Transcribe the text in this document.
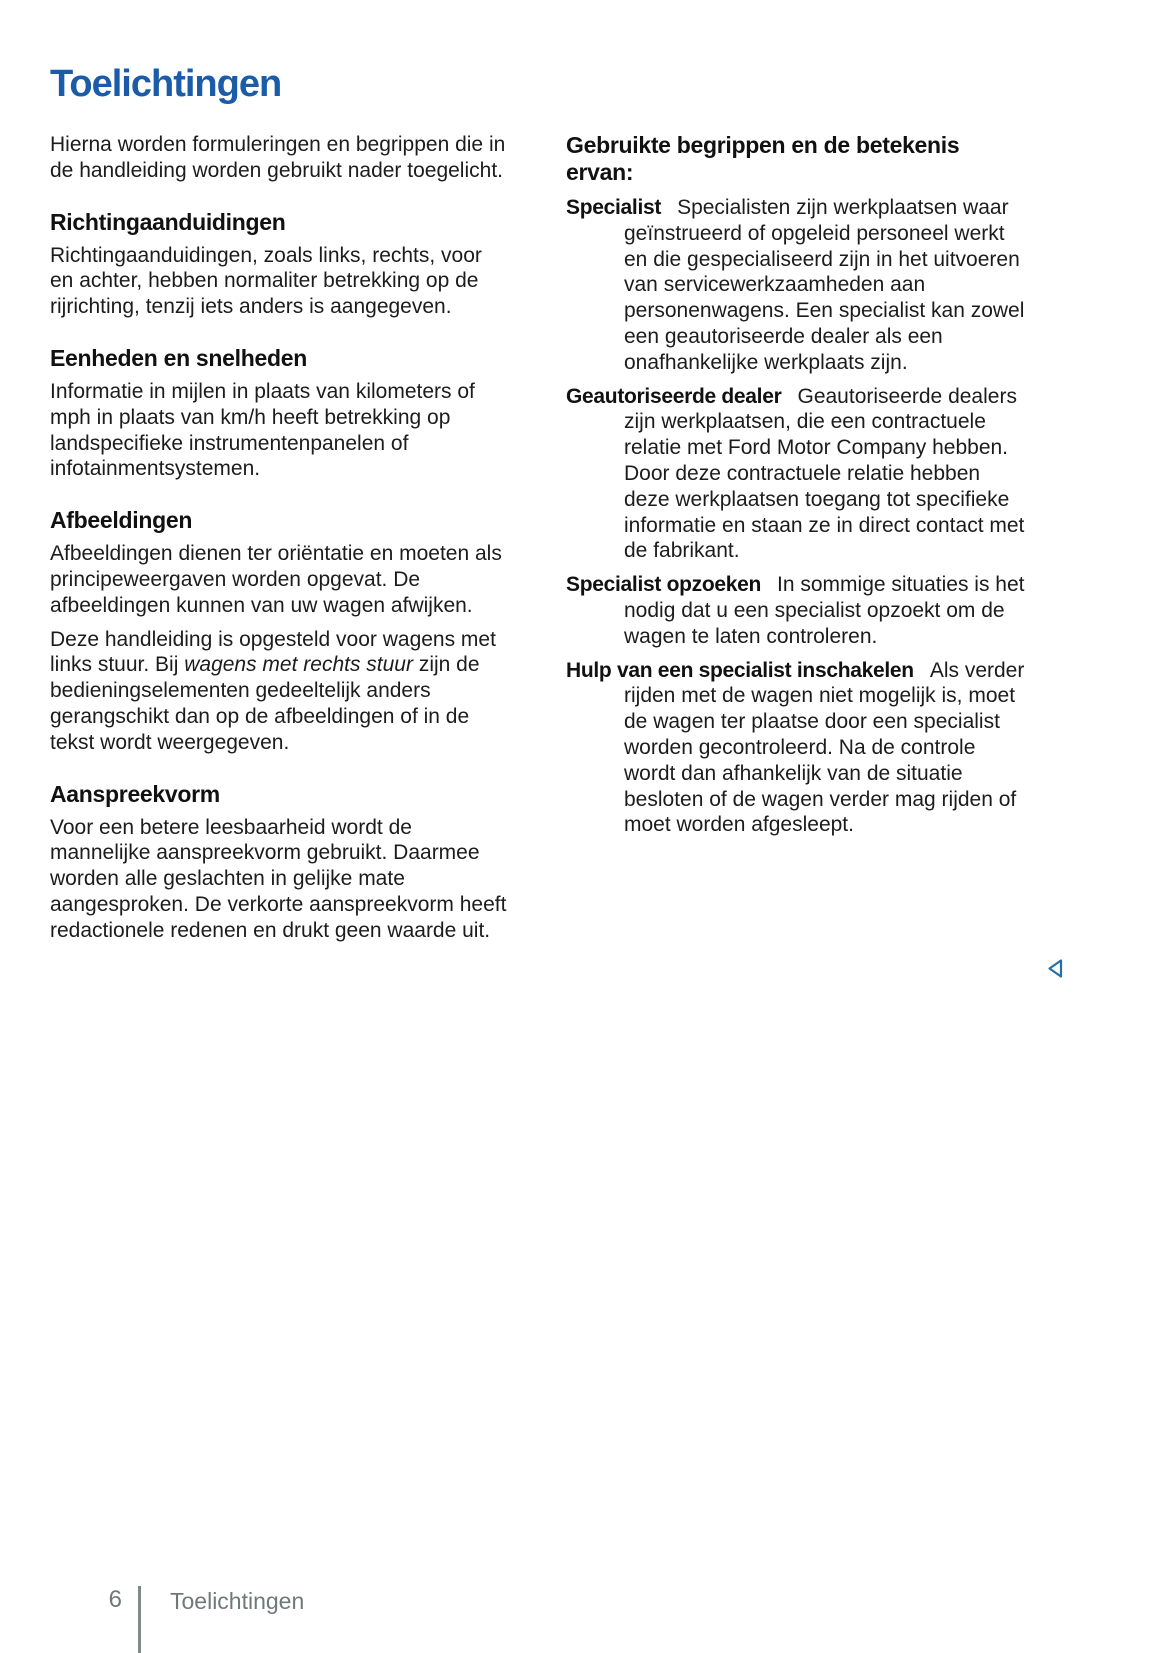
Toelichtingen

Hierna worden formuleringen en begrippen die in de handleiding worden gebruikt nader toegelicht.

Richtingaanduidingen

Richtingaanduidingen, zoals links, rechts, voor en achter, hebben normaliter betrekking op de rijrichting, tenzij iets anders is aangegeven.

Eenheden en snelheden

Informatie in mijlen in plaats van kilometers of mph in plaats van km/h heeft betrekking op landspecifieke instrumentenpanelen of infotainmentsystemen.

Afbeeldingen

Afbeeldingen dienen ter oriëntatie en moeten als principeweergaven worden opgevat. De afbeeldingen kunnen van uw wagen afwijken.

Deze handleiding is opgesteld voor wagens met links stuur. Bij wagens met rechts stuur zijn de bedieningselementen gedeeltelijk anders gerangschikt dan op de afbeeldingen of in de tekst wordt weergegeven.

Aanspreekvorm

Voor een betere leesbaarheid wordt de mannelijke aanspreekvorm gebruikt. Daarmee worden alle geslachten in gelijke mate aangesproken. De verkorte aanspreekvorm heeft redactionele redenen en drukt geen waarde uit.

Gebruikte begrippen en de betekenis ervan:

Specialist Specialisten zijn werkplaatsen waar geïnstrueerd of opgeleid personeel werkt en die gespecialiseerd zijn in het uitvoeren van servicewerkzaamheden aan personenwagens. Een specialist kan zowel een geautoriseerde dealer als een onafhankelijke werkplaats zijn.

Geautoriseerde dealer Geautoriseerde dealers zijn werkplaatsen, die een contractuele relatie met Ford Motor Company hebben. Door deze contractuele relatie hebben deze werkplaatsen toegang tot specifieke informatie en staan ze in direct contact met de fabrikant.

Specialist opzoeken In sommige situaties is het nodig dat u een specialist opzoekt om de wagen te laten controleren.

Hulp van een specialist inschakelen Als verder rijden met de wagen niet mogelijk is, moet de wagen ter plaatse door een specialist worden gecontroleerd. Na de controle wordt dan afhankelijk van de situatie besloten of de wagen verder mag rijden of moet worden afgesleept.

6 Toelichtingen
